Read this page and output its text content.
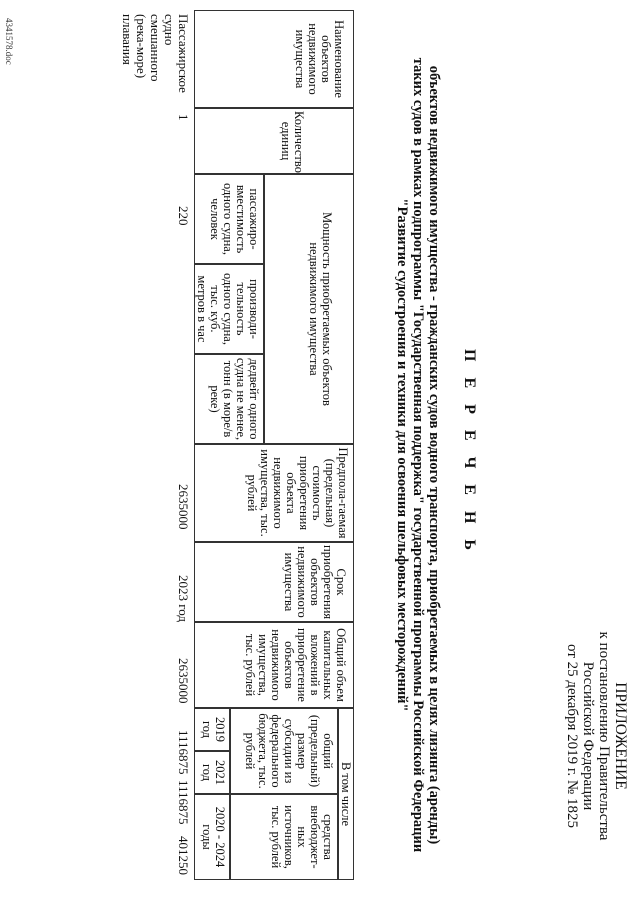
ПРИЛОЖЕНИЕ
к постановлению Правительства
Российской Федерации
от 25 декабря 2019 г. № 1825
П Е Р Е Ч Е Н Ь
объектов недвижимого имущества - гражданских судов водного транспорта, приобретаемых в целях лизинга (аренды)
таких судов в рамках подпрограммы "Государственная поддержка" государственной программы Российской Федерации
"Развитие судостроения и техники для освоения шельфовых месторождений"
Наименование объектов недвижимого имущества
Количество единиц
Мощность приобретаемых объектов недвижимого имущества
пассажиро-вместимость одного судна, человек
производи-тельность одного судна, тыс. куб. метров в час
дедвейт одного судна не менее, тонн (в море/в реке)
Предпола-гаемая (предельная) стоимость приобретения объекта недвижимого имущества, тыс. рублей
Срок приобретения объектов недвижимого имущества
Общий объем капитальных вложений в приобретение объектов недвижимого имущества, тыс. рублей
В том числе
общий (предельный) размер субсидии из федерального бюджета, тыс. рублей
средства внебюджет-ных источников, тыс. рублей
2019 год
2021 год
2020 - 2024 годы
Пассажирское судно смешанного (река-море) плавания
1
220
2635000
2023 год
2635000
1116875
1116875
401250
4341578.doc
